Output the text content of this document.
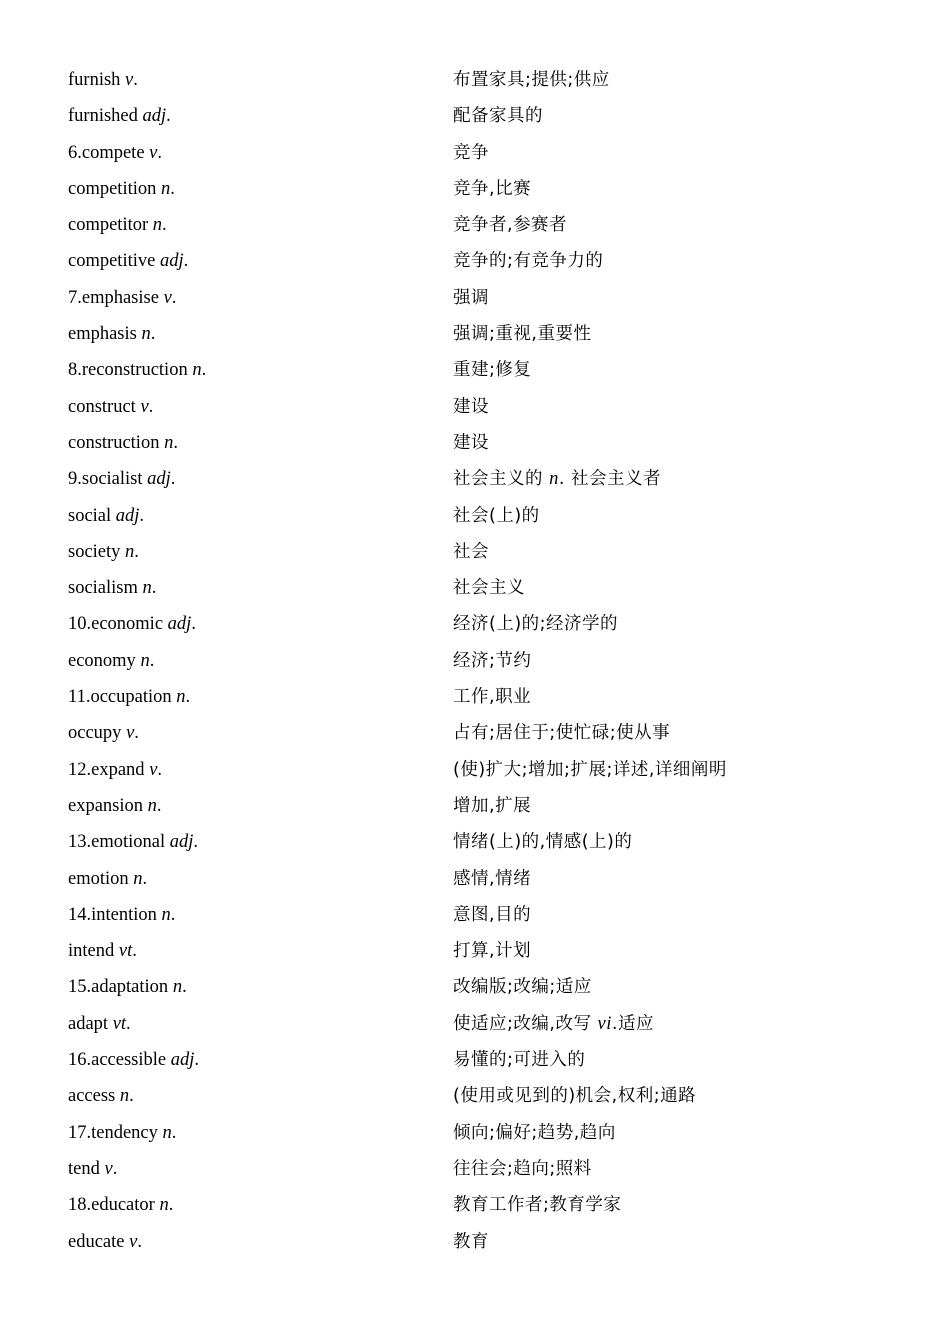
furnish v.	布置家具;提供;供应
furnished adj.	配备家具的
6.compete v.	竞争
competition n.	竞争,比赛
competitor n.	竞争者,参赛者
competitive adj.	竞争的;有竞争力的
7.emphasise v.	强调
emphasis n.	强调;重视,重要性
8.reconstruction n.	重建;修复
construct v.	建设
construction n.	建设
9.socialist adj.	社会主义的 n. 社会主义者
social adj.	社会(上)的
society n.	社会
socialism n.	社会主义
10.economic adj.	经济(上)的;经济学的
economy n.	经济;节约
11.occupation n.	工作,职业
occupy v.	占有;居住于;使忙碌;使从事
12.expand v.	(使)扩大;增加;扩展;详述,详细阐明
expansion n.	增加,扩展
13.emotional adj.	情绪(上)的,情感(上)的
emotion n.	感情,情绪
14.intention n.	意图,目的
intend vt.	打算,计划
15.adaptation n.	改编版;改编;适应
adapt vt.	使适应;改编,改写 vi.适应
16.accessible adj.	易懂的;可进入的
access n.	(使用或见到的)机会,权利;通路
17.tendency n.	倾向;偏好;趋势,趋向
tend v.	往往会;趋向;照料
18.educator n.	教育工作者;教育学家
educate v.	教育
